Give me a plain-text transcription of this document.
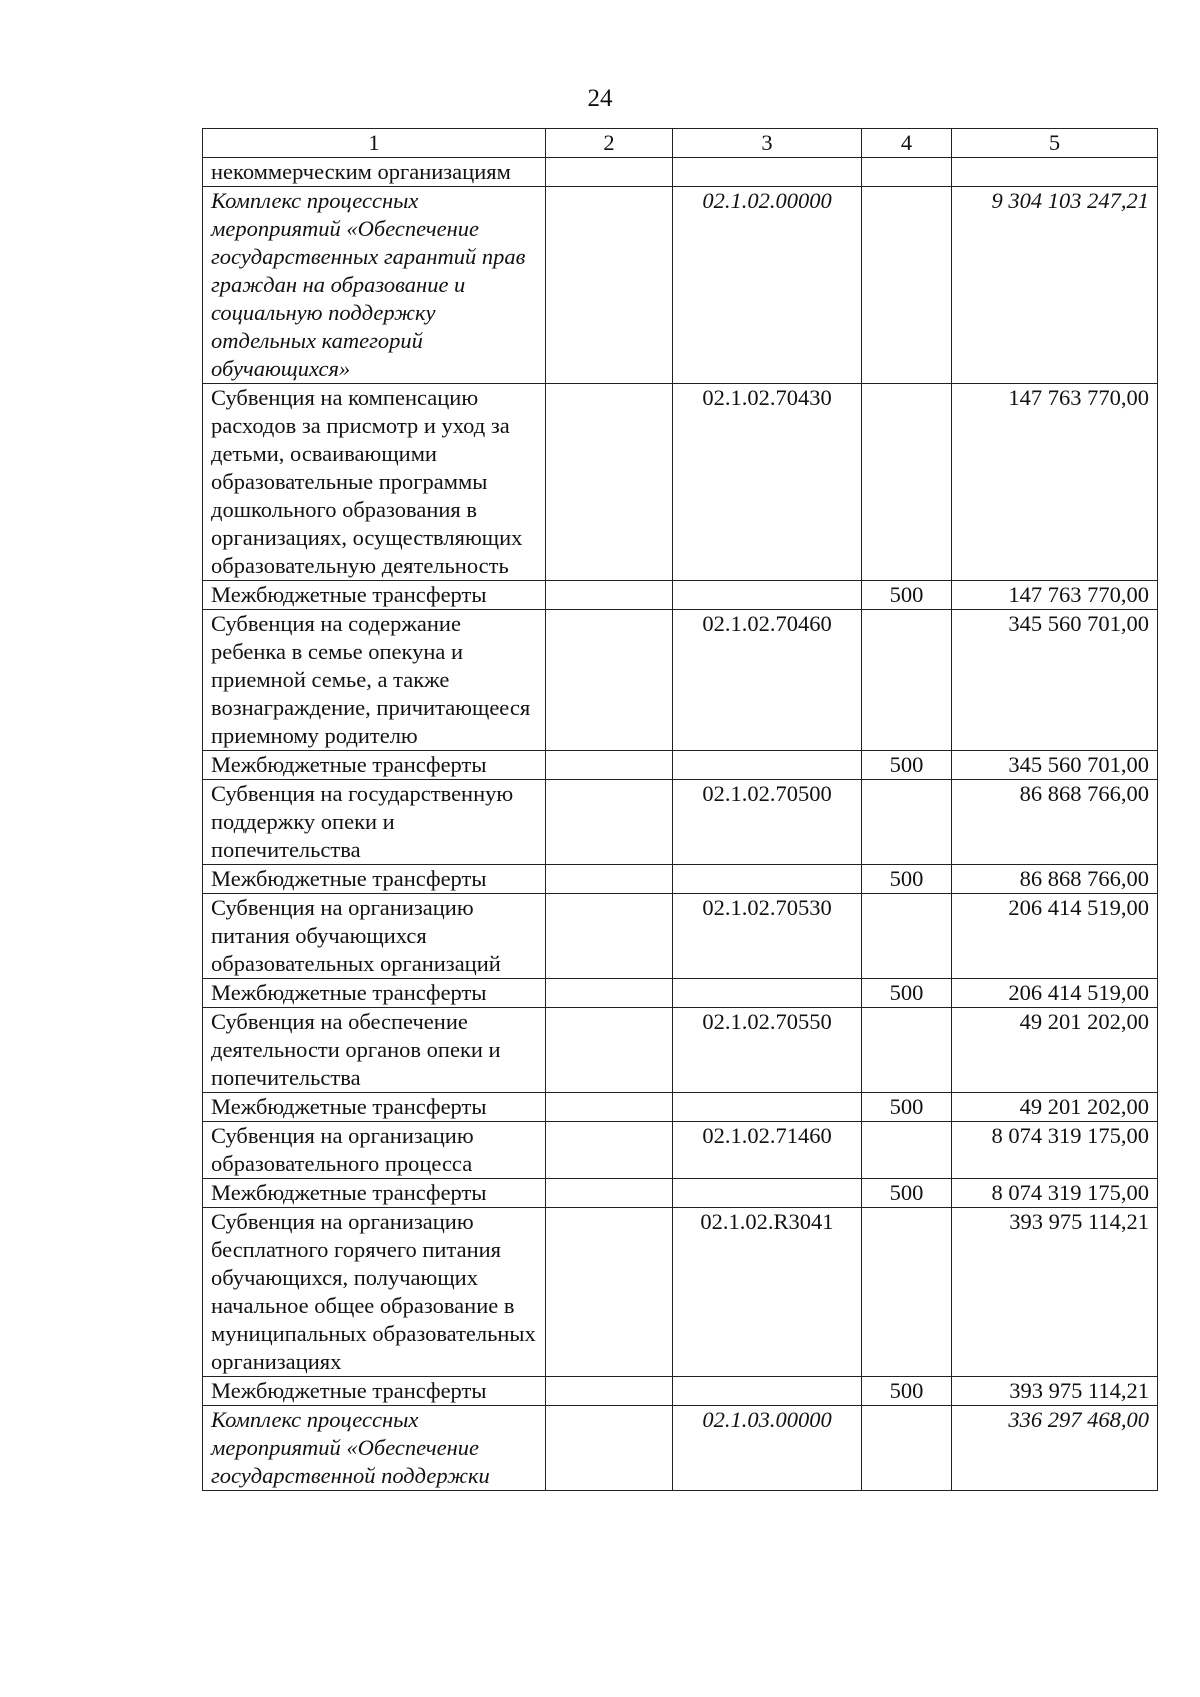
24
1	2	3	4	5
некоммерческим организациям				
Комплекс процессных мероприятий «Обеспечение государственных гарантий прав граждан на образование и социальную поддержку отдельных категорий обучающихся»		02.1.02.00000		9 304 103 247,21
Субвенция на компенсацию расходов за присмотр и уход за детьми, осваивающими образовательные программы дошкольного образования в организациях, осуществляющих образовательную деятельность		02.1.02.70430		147 763 770,00
Межбюджетные трансферты			500	147 763 770,00
Субвенция на содержание ребенка в семье опекуна и приемной семье, а также вознаграждение, причитающееся приемному родителю		02.1.02.70460		345 560 701,00
Межбюджетные трансферты			500	345 560 701,00
Субвенция на государственную поддержку опеки и попечительства		02.1.02.70500		86 868 766,00
Межбюджетные трансферты			500	86 868 766,00
Субвенция на организацию питания обучающихся образовательных организаций		02.1.02.70530		206 414 519,00
Межбюджетные трансферты			500	206 414 519,00
Субвенция на обеспечение деятельности органов опеки и попечительства		02.1.02.70550		49 201 202,00
Межбюджетные трансферты			500	49 201 202,00
Субвенция на организацию образовательного процесса		02.1.02.71460		8 074 319 175,00
Межбюджетные трансферты			500	8 074 319 175,00
Субвенция на организацию бесплатного горячего питания обучающихся, получающих начальное общее образование в муниципальных образовательных организациях		02.1.02.R3041		393 975 114,21
Межбюджетные трансферты			500	393 975 114,21
Комплекс процессных мероприятий «Обеспечение государственной поддержки		02.1.03.00000		336 297 468,00
